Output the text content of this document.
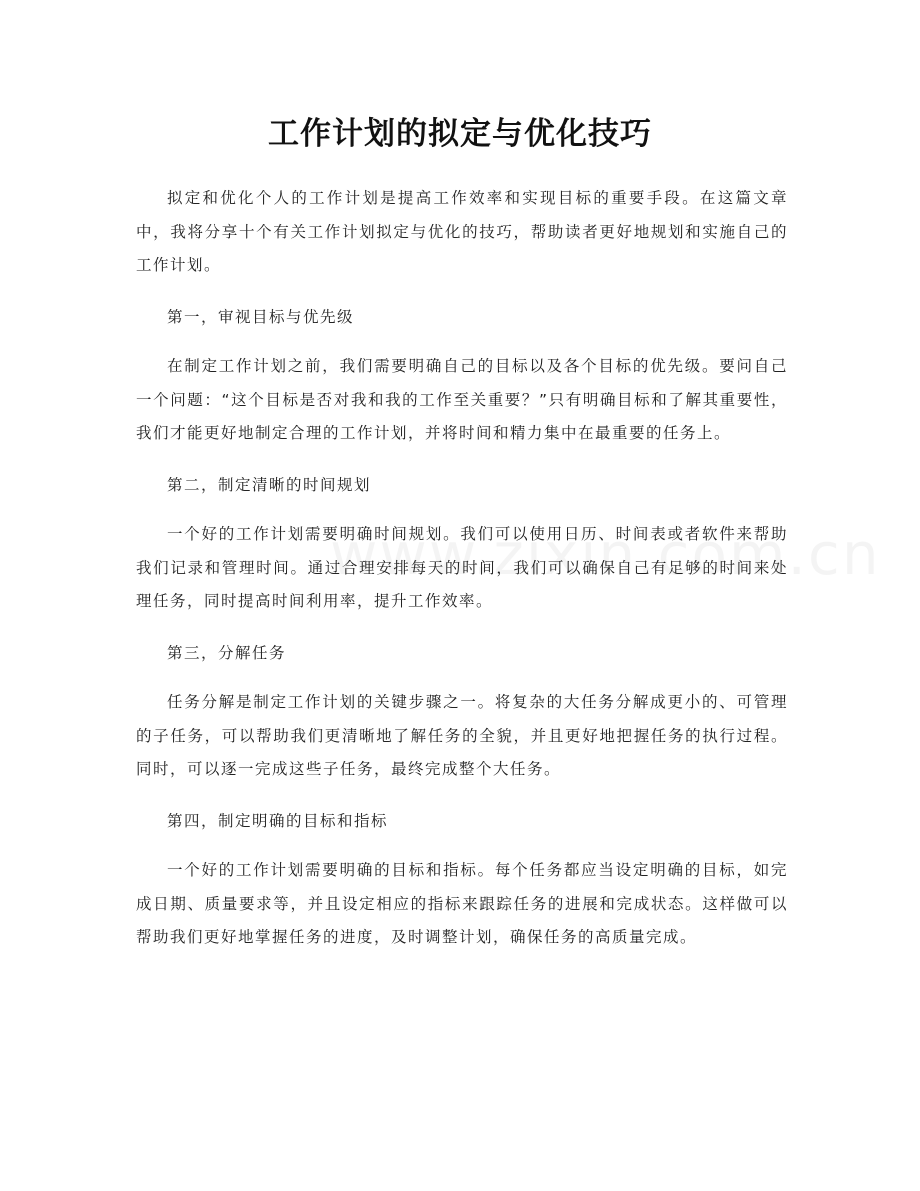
工作计划的拟定与优化技巧

拟定和优化个人的工作计划是提高工作效率和实现目标的重要手段。在这篇文章中，我将分享十个有关工作计划拟定与优化的技巧，帮助读者更好地规划和实施自己的工作计划。

第一，审视目标与优先级

在制定工作计划之前，我们需要明确自己的目标以及各个目标的优先级。要问自己一个问题：“这个目标是否对我和我的工作至关重要？”只有明确目标和了解其重要性，我们才能更好地制定合理的工作计划，并将时间和精力集中在最重要的任务上。

第二，制定清晰的时间规划

一个好的工作计划需要明确时间规划。我们可以使用日历、时间表或者软件来帮助我们记录和管理时间。通过合理安排每天的时间，我们可以确保自己有足够的时间来处理任务，同时提高时间利用率，提升工作效率。

第三，分解任务

任务分解是制定工作计划的关键步骤之一。将复杂的大任务分解成更小的、可管理的子任务，可以帮助我们更清晰地了解任务的全貌，并且更好地把握任务的执行过程。同时，可以逐一完成这些子任务，最终完成整个大任务。

第四，制定明确的目标和指标

一个好的工作计划需要明确的目标和指标。每个任务都应当设定明确的目标，如完成日期、质量要求等，并且设定相应的指标来跟踪任务的进展和完成状态。这样做可以帮助我们更好地掌握任务的进度，及时调整计划，确保任务的高质量完成。
